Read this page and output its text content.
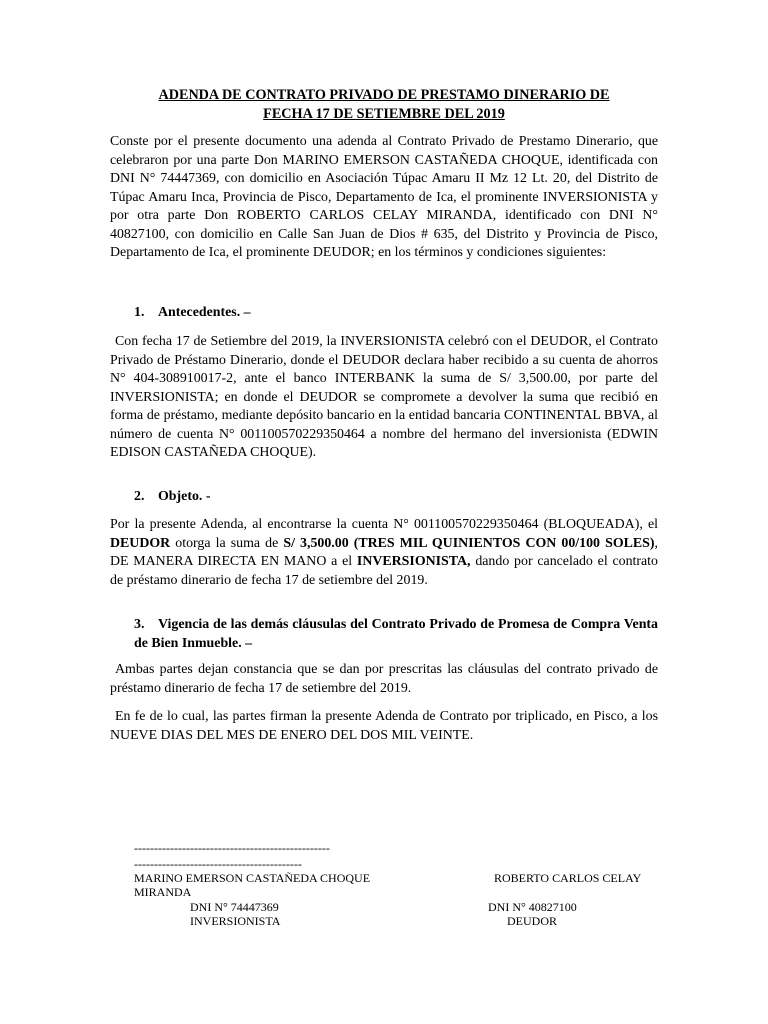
ADENDA DE CONTRATO PRIVADO DE PRESTAMO DINERARIO DE
FECHA 17 DE SETIEMBRE DEL 2019
Conste por el presente documento una adenda al Contrato Privado de Prestamo Dinerario, que celebraron por una parte Don MARINO EMERSON CASTAÑEDA CHOQUE, identificada con DNI N° 74447369, con domicilio en Asociación Túpac Amaru II Mz 12 Lt. 20, del Distrito de Túpac Amaru Inca, Provincia de Pisco, Departamento de Ica, el prominente INVERSIONISTA y por otra parte Don ROBERTO CARLOS CELAY MIRANDA, identificado con DNI N° 40827100, con domicilio en Calle San Juan de Dios # 635, del Distrito y Provincia de Pisco, Departamento de Ica, el prominente DEUDOR; en los términos y condiciones siguientes:
1. Antecedentes. –
Con fecha 17 de Setiembre del 2019, la INVERSIONISTA celebró con el DEUDOR, el Contrato Privado de Préstamo Dinerario, donde el DEUDOR declara haber recibido a su cuenta de ahorros N° 404-308910017-2, ante el banco INTERBANK la suma de S/ 3,500.00, por parte del INVERSIONISTA; en donde el DEUDOR se compromete a devolver la suma que recibió en forma de préstamo, mediante depósito bancario en la entidad bancaria CONTINENTAL BBVA, al número de cuenta N° 001100570229350464 a nombre del hermano del inversionista (EDWIN EDISON CASTAÑEDA CHOQUE).
2. Objeto. -
Por la presente Adenda, al encontrarse la cuenta N° 001100570229350464 (BLOQUEADA), el DEUDOR otorga la suma de S/ 3,500.00 (TRES MIL QUINIENTOS CON 00/100 SOLES), DE MANERA DIRECTA EN MANO a el INVERSIONISTA, dando por cancelado el contrato de préstamo dinerario de fecha 17 de setiembre del 2019.
3. Vigencia de las demás cláusulas del Contrato Privado de Promesa de Compra Venta de Bien Inmueble. –
Ambas partes dejan constancia que se dan por prescritas las cláusulas del contrato privado de préstamo dinerario de fecha 17 de setiembre del 2019.
En fe de lo cual, las partes firman la presente Adenda de Contrato por triplicado, en Pisco, a los NUEVE DIAS DEL MES DE ENERO DEL DOS MIL VEINTE.
-------------------------------------------------
------------------------------------------
MARINO EMERSON CASTAÑEDA CHOQUE	ROBERTO CARLOS CELAY
MIRANDA
DNI N° 74447369	DNI N° 40827100
INVERSIONISTA	DEUDOR
